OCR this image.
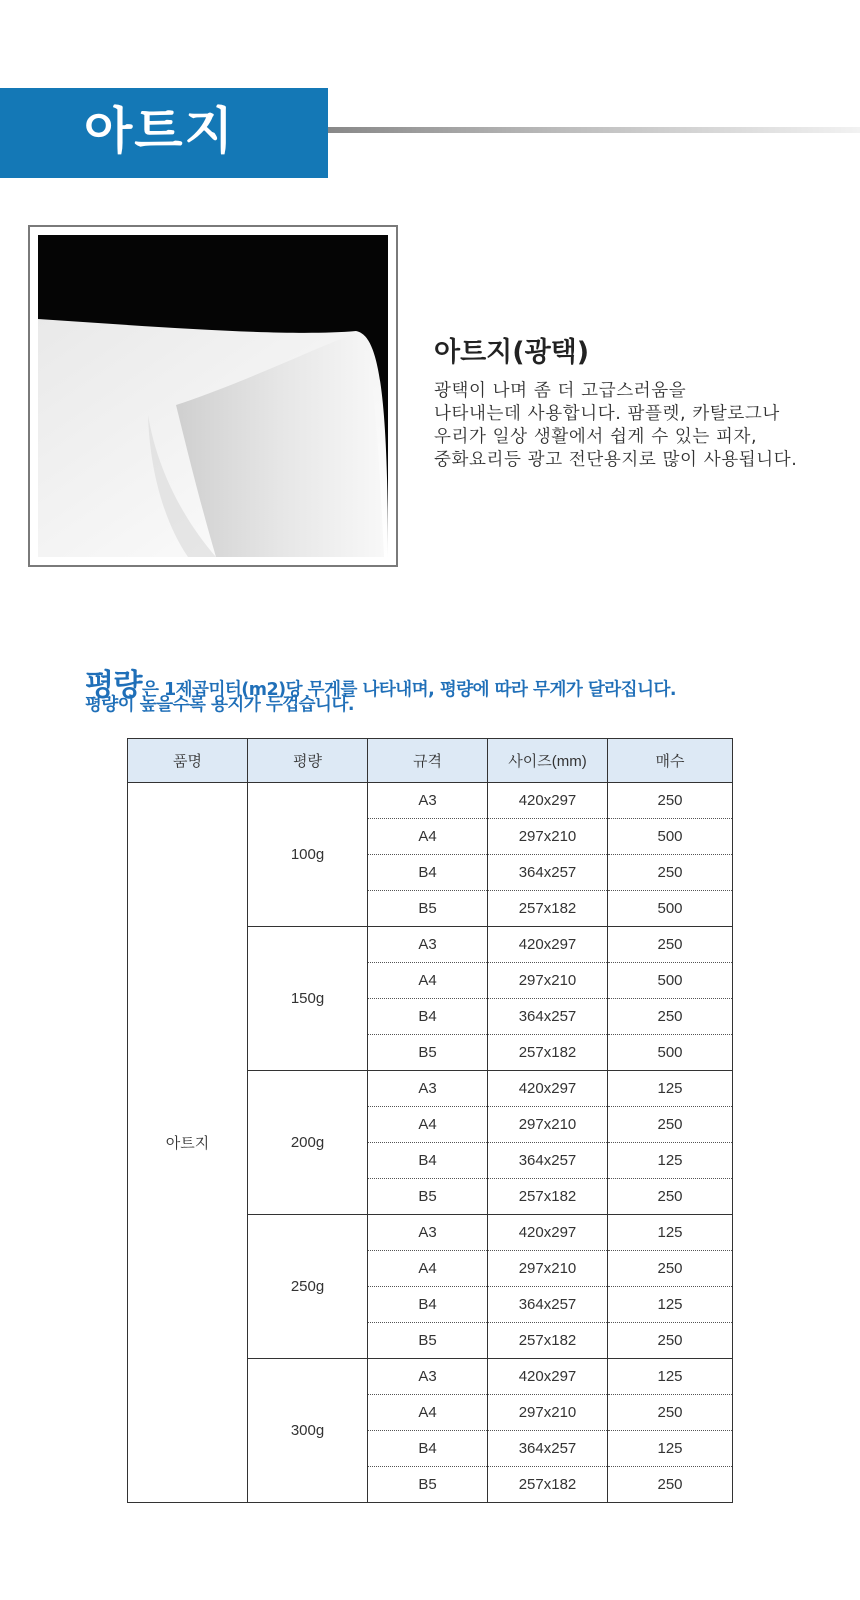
아트지
아트지(광택)

광택이 나며 좀 더 고급스러움을
나타내는데 사용합니다. 팜플렛, 카탈로그나
우리가 일상 생활에서 쉽게 수 있는 피자,
중화요리등 광고 전단용지로 많이 사용됩니다.

평량은 1제곱미터(m2)당 무게를 나타내며, 평량에 따라 무게가 달라집니다.
평량이 높을수록 용지가 두껍습니다.
품명	평량	규격	사이즈(mm)	매수
아트지	100g	A3	420x297	250
		A4	297x210	500
		B4	364x257	250
		B5	257x182	500
	150g	A3	420x297	250
		A4	297x210	500
		B4	364x257	250
		B5	257x182	500
	200g	A3	420x297	125
		A4	297x210	250
		B4	364x257	125
		B5	257x182	250
	250g	A3	420x297	125
		A4	297x210	250
		B4	364x257	125
		B5	257x182	250
	300g	A3	420x297	125
		A4	297x210	250
		B4	364x257	125
		B5	257x182	250
